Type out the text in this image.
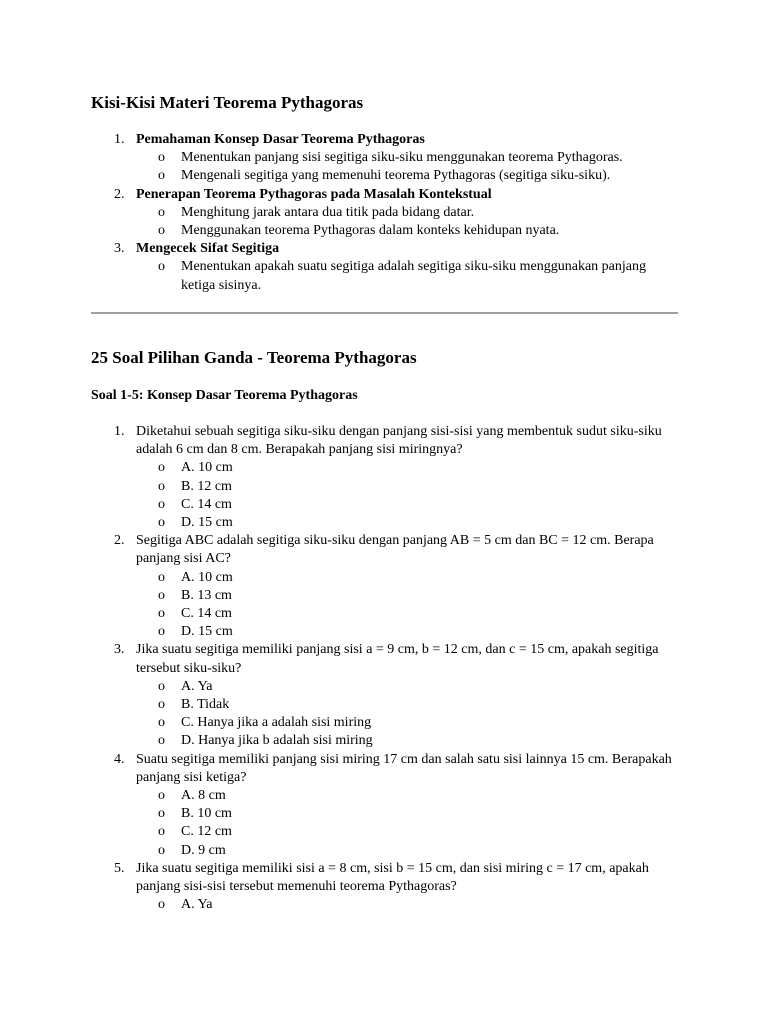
Kisi-Kisi Materi Teorema Pythagoras
1. Pemahaman Konsep Dasar Teorema Pythagoras
o	Menentukan panjang sisi segitiga siku-siku menggunakan teorema Pythagoras.
o	Mengenali segitiga yang memenuhi teorema Pythagoras (segitiga siku-siku).
2. Penerapan Teorema Pythagoras pada Masalah Kontekstual
o	Menghitung jarak antara dua titik pada bidang datar.
o	Menggunakan teorema Pythagoras dalam konteks kehidupan nyata.
3. Mengecek Sifat Segitiga
o	Menentukan apakah suatu segitiga adalah segitiga siku-siku menggunakan panjang ketiga sisinya.
25 Soal Pilihan Ganda - Teorema Pythagoras
Soal 1-5: Konsep Dasar Teorema Pythagoras
1. Diketahui sebuah segitiga siku-siku dengan panjang sisi-sisi yang membentuk sudut siku-siku adalah 6 cm dan 8 cm. Berapakah panjang sisi miringnya?
o	A. 10 cm
o	B. 12 cm
o	C. 14 cm
o	D. 15 cm
2. Segitiga ABC adalah segitiga siku-siku dengan panjang AB = 5 cm dan BC = 12 cm. Berapa panjang sisi AC?
o	A. 10 cm
o	B. 13 cm
o	C. 14 cm
o	D. 15 cm
3. Jika suatu segitiga memiliki panjang sisi a = 9 cm, b = 12 cm, dan c = 15 cm, apakah segitiga tersebut siku-siku?
o	A. Ya
o	B. Tidak
o	C. Hanya jika a adalah sisi miring
o	D. Hanya jika b adalah sisi miring
4. Suatu segitiga memiliki panjang sisi miring 17 cm dan salah satu sisi lainnya 15 cm. Berapakah panjang sisi ketiga?
o	A. 8 cm
o	B. 10 cm
o	C. 12 cm
o	D. 9 cm
5. Jika suatu segitiga memiliki sisi a = 8 cm, sisi b = 15 cm, dan sisi miring c = 17 cm, apakah panjang sisi-sisi tersebut memenuhi teorema Pythagoras?
o	A. Ya
